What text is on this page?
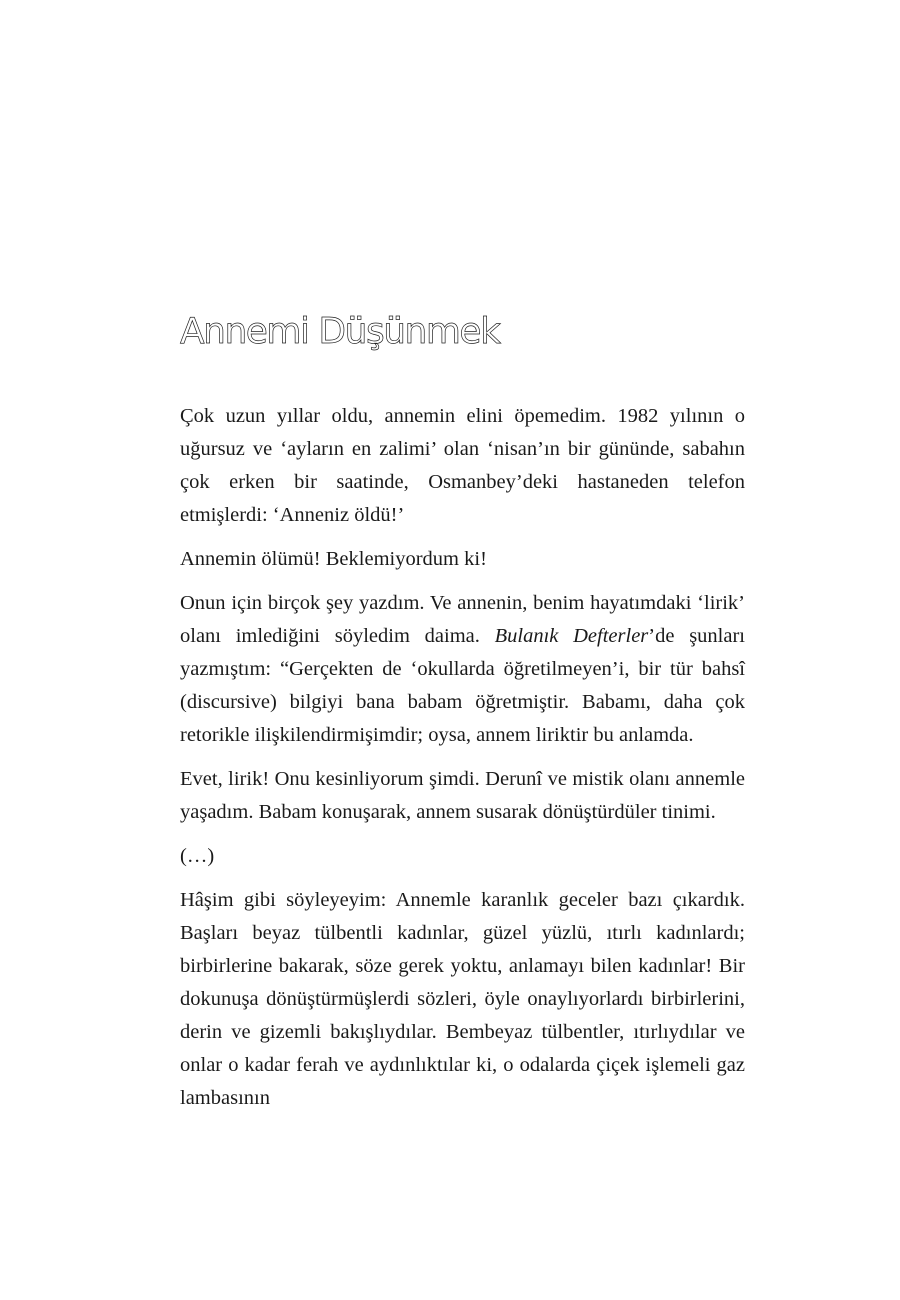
Annemi Düşünmek

Çok uzun yıllar oldu, annemin elini öpemedim. 1982 yılının o uğursuz ve ‘ayların en zalimi’ olan ‘nisan’ın bir gününde, sabahın çok erken bir saatinde, Osmanbey’deki hastaneden telefon etmişlerdi: ‘Anneniz öldü!’

Annemin ölümü! Beklemiyordum ki!

Onun için birçok şey yazdım. Ve annenin, benim hayatımdaki ‘lirik’ olanı imlediğini söyledim daima. Bulanık Defterler’de şunları yazmıştım: “Gerçekten de ‘okullarda öğretilmeyen’i, bir tür bahsî (discursive) bilgiyi bana babam öğretmiştir. Babamı, daha çok retorikle ilişkilendirmişimdir; oysa, annem liriktir bu anlamda.

Evet, lirik! Onu kesinliyorum şimdi. Derunî ve mistik olanı annemle yaşadım. Babam konuşarak, annem susarak dönüştürdüler tinimi.

(…)

Hâşim gibi söyleyeyim: Annemle karanlık geceler bazı çıkardık. Başları beyaz tülbentli kadınlar, güzel yüzlü, ıtırlı kadınlardı; birbirlerine bakarak, söze gerek yoktu, anlamayı bilen kadınlar! Bir dokunuşa dönüştürmüşlerdi sözleri, öyle onaylıyorlardı birbirlerini, derin ve gizemli bakışlıydılar. Bembeyaz tülbentler, ıtırlıydılar ve onlar o kadar ferah ve aydınlıktılar ki, o odalarda çiçek işlemeli gaz lambasının
